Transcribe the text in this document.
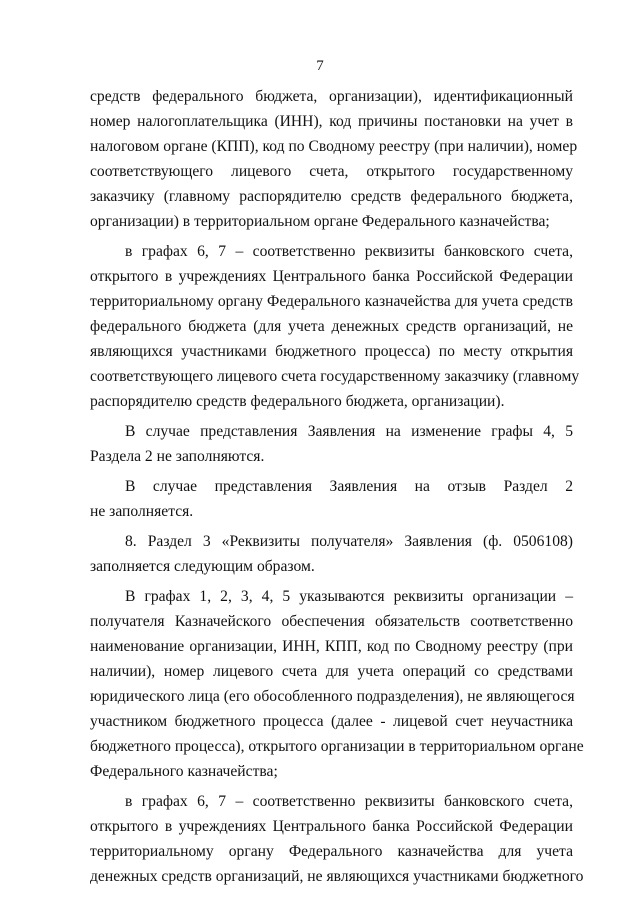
7
средств федерального бюджета, организации), идентификационный
номер налогоплательщика (ИНН), код причины постановки на учет в
налоговом органе (КПП), код по Сводному реестру (при наличии), номер
соответствующего лицевого счета, открытого государственному
заказчику (главному распорядителю средств федерального бюджета,
организации) в территориальном органе Федерального казначейства;
в графах 6, 7 – соответственно реквизиты банковского счета,
открытого в учреждениях Центрального банка Российской Федерации
территориальному органу Федерального казначейства для учета средств
федерального бюджета (для учета денежных средств организаций, не
являющихся участниками бюджетного процесса) по месту открытия
соответствующего лицевого счета государственному заказчику (главному
распорядителю средств федерального бюджета, организации).
В случае представления Заявления на изменение графы 4, 5
Раздела 2 не заполняются.
В случае представления Заявления на отзыв Раздел 2
не заполняется.
8. Раздел 3 «Реквизиты получателя» Заявления (ф. 0506108)
заполняется следующим образом.
В графах 1, 2, 3, 4, 5 указываются реквизиты организации –
получателя Казначейского обеспечения обязательств соответственно
наименование организации, ИНН, КПП, код по Сводному реестру (при
наличии), номер лицевого счета для учета операций со средствами
юридического лица (его обособленного подразделения), не являющегося
участником бюджетного процесса (далее - лицевой счет неучастника
бюджетного процесса), открытого организации в территориальном органе
Федерального казначейства;
в графах 6, 7 – соответственно реквизиты банковского счета,
открытого в учреждениях Центрального банка Российской Федерации
территориальному органу Федерального казначейства для учета
денежных средств организаций, не являющихся участниками бюджетного
